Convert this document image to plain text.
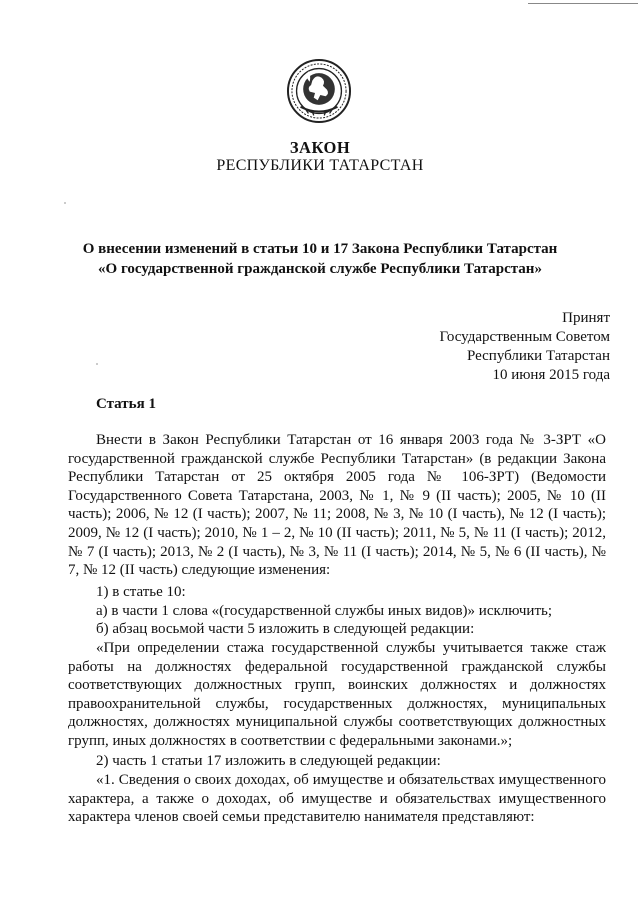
ЗАКОН
РЕСПУБЛИКИ ТАТАРСТАН
О внесении изменений в статьи 10 и 17 Закона Республики Татарстан
«О государственной гражданской службе Республики Татарстан»
Принят
Государственным Советом
Республики Татарстан
10 июня 2015 года
Статья 1

Внести в Закон Республики Татарстан от 16 января 2003 года № 3-ЗРТ «О государственной гражданской службе Республики Татарстан» (в редакции Закона Республики Татарстан от 25 октября 2005 года № 106-ЗРТ) (Ведомости Государственного Совета Татарстана, 2003, № 1, № 9 (II часть); 2005, № 10 (II часть); 2006, № 12 (I часть); 2007, № 11; 2008, № 3, № 10 (I часть), № 12 (I часть); 2009, № 12 (I часть); 2010, № 1 – 2, № 10 (II часть); 2011, № 5, № 11 (I часть); 2012, № 7 (I часть); 2013, № 2 (I часть), № 3, № 11 (I часть); 2014, № 5, № 6 (II часть), № 7, № 12 (II часть) следующие изменения:

1) в статье 10:

а) в части 1 слова «(государственной службы иных видов)» исключить;

б) абзац восьмой части 5 изложить в следующей редакции:

«При определении стажа государственной службы учитывается также стаж работы на должностях федеральной государственной гражданской службы соответствующих должностных групп, воинских должностях и должностях правоохранительной службы, государственных должностях, муниципальных должностях, должностях муниципальной службы соответствующих должностных групп, иных должностях в соответствии с федеральными законами.»;

2) часть 1 статьи 17 изложить в следующей редакции:

«1. Сведения о своих доходах, об имуществе и обязательствах имущественного характера, а также о доходах, об имуществе и обязательствах имущественного характера членов своей семьи представителю нанимателя представляют:
